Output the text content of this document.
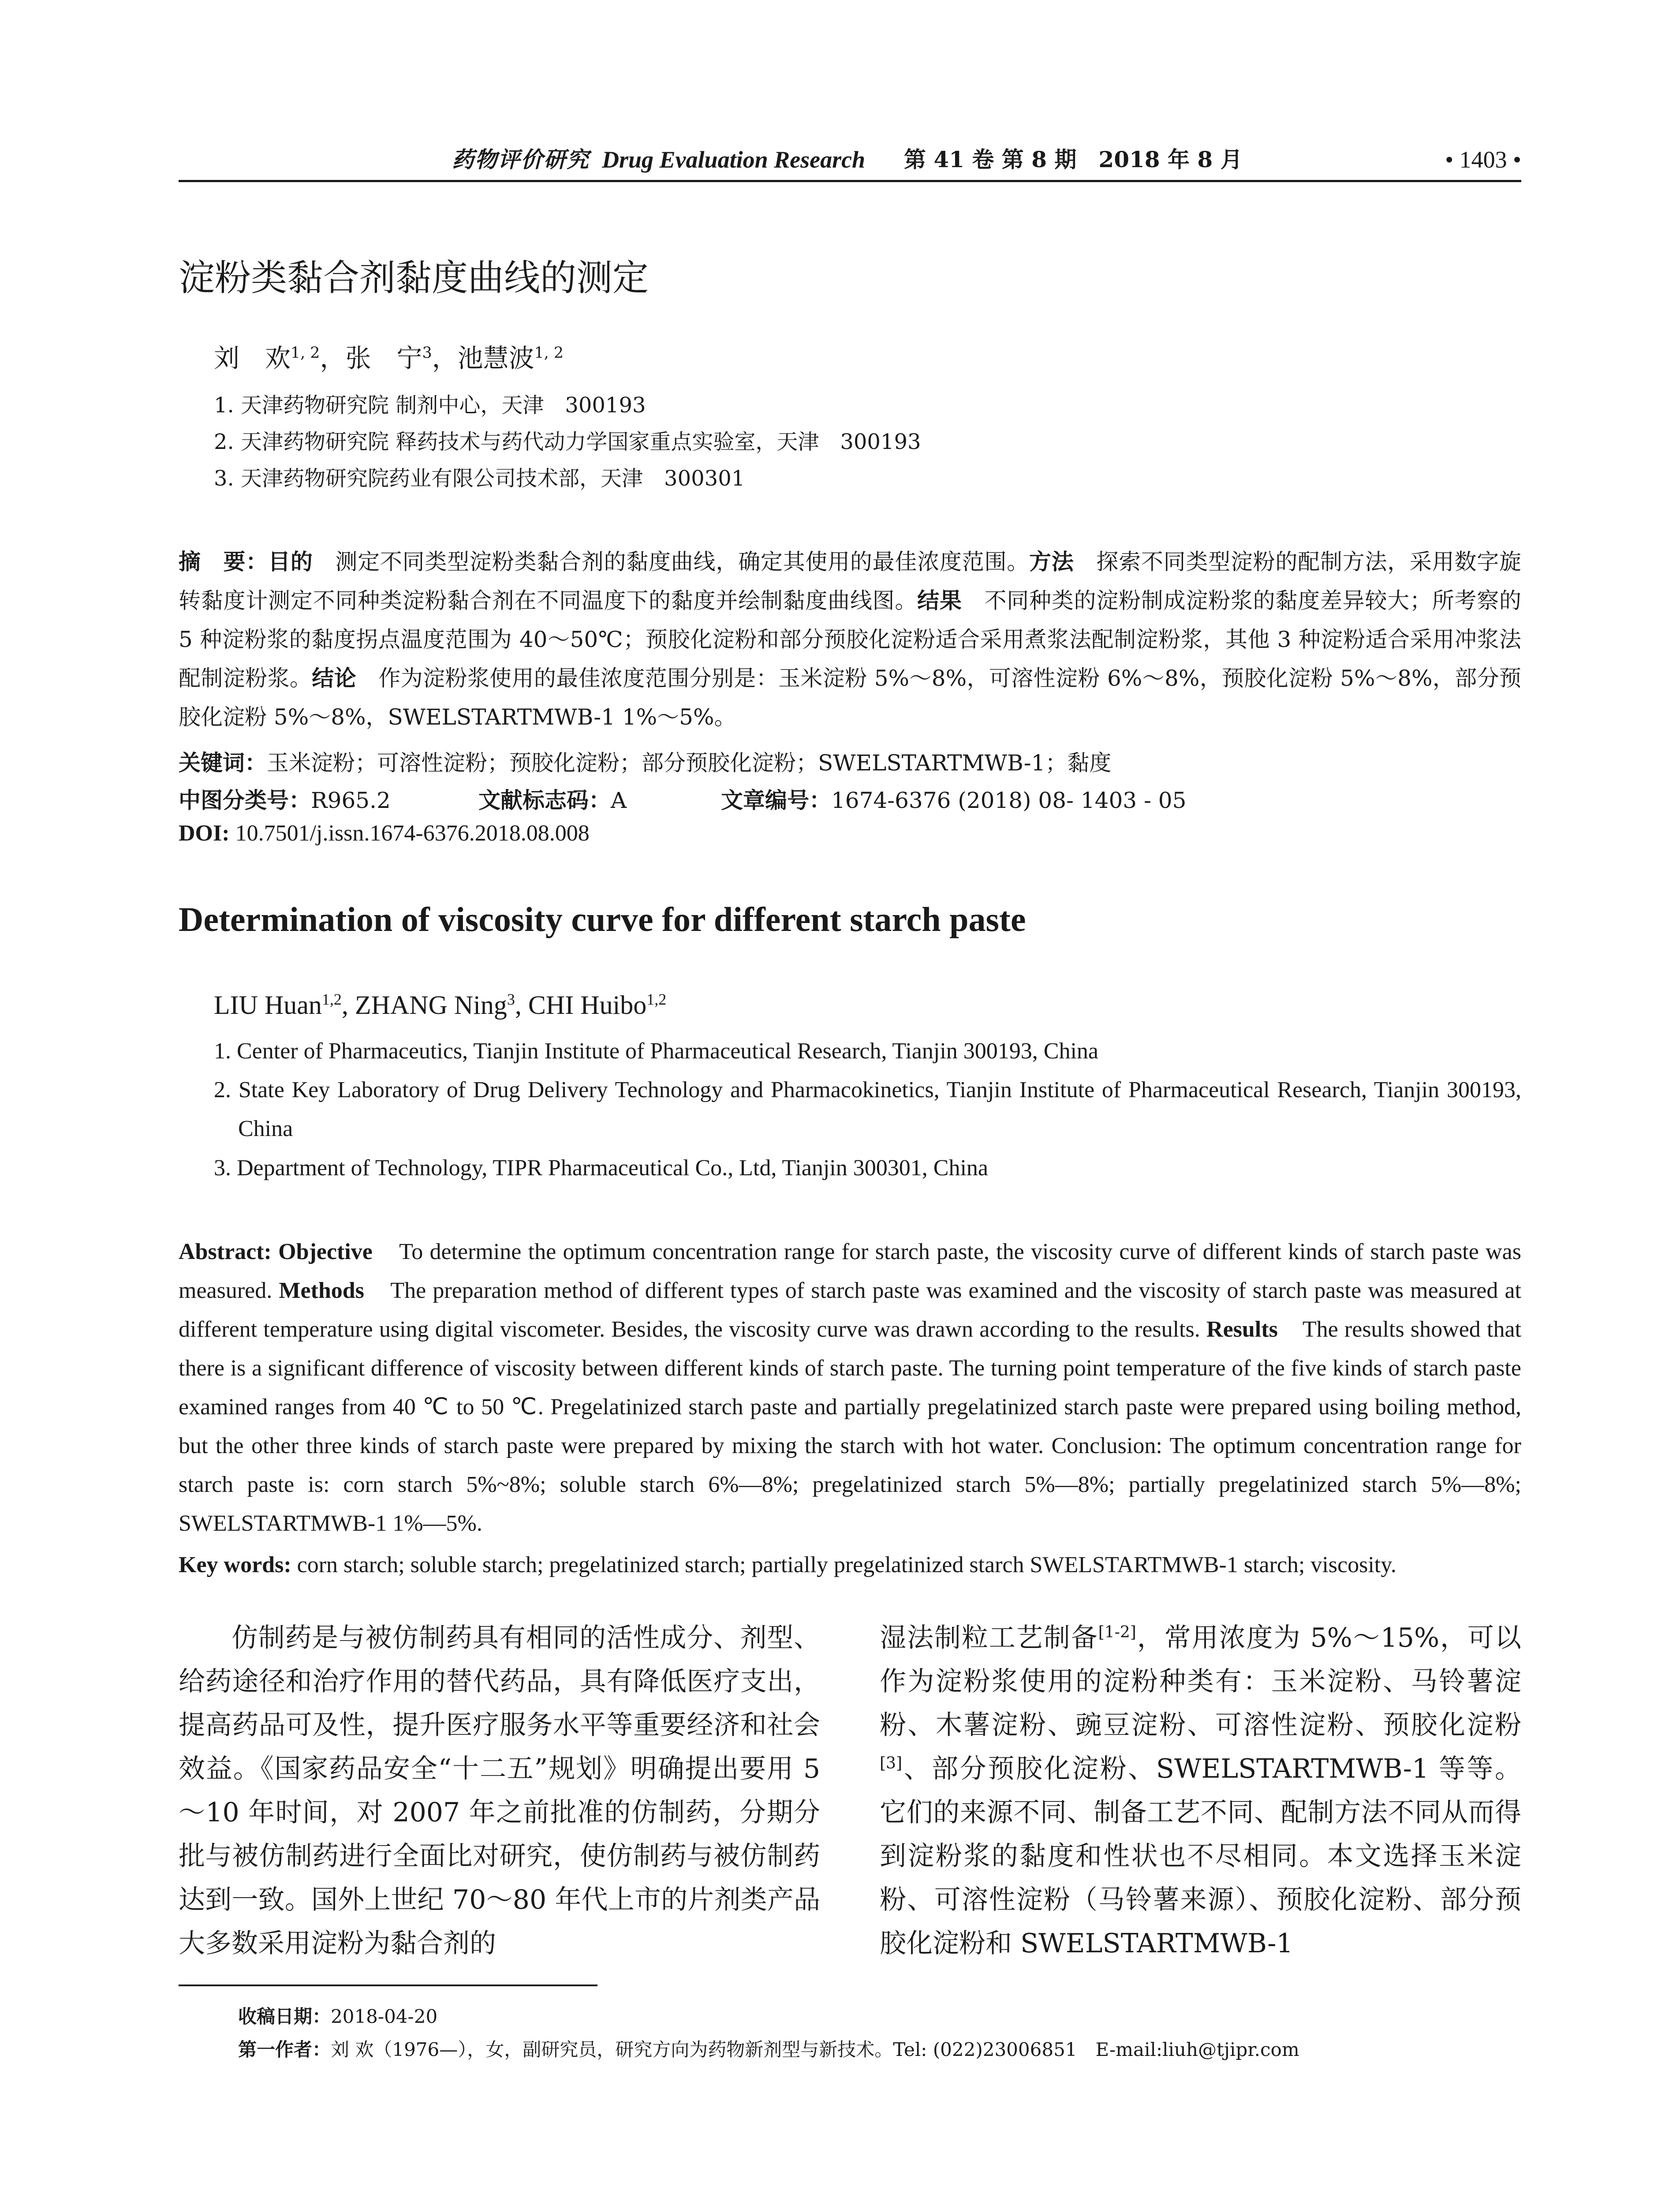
药物评价研究 Drug Evaluation Research 第 41 卷 第 8 期　2018 年 8 月	• 1403 •
淀粉类黏合剂黏度曲线的测定
刘　欢$^{1, 2}$，张　宁$^3$，池慧波$^{1, 2}$
1. 天津药物研究院 制剂中心，天津　300193
2. 天津药物研究院 释药技术与药代动力学国家重点实验室，天津　300193
3. 天津药物研究院药业有限公司技术部，天津　300301
摘　要：目的　 测定不同类型淀粉类黏合剂的黏度曲线，确定其使用的最佳浓度范围。方法　 探索不同类型淀粉的配制方法，采用数字旋转黏度计测定不同种类淀粉黏合剂在不同温度下的黏度并绘制黏度曲线图。结果　 不同种类的淀粉制成淀粉浆的黏度差异较大；所考察的 5 种淀粉浆的黏度拐点温度范围为 40～50℃；预胶化淀粉和部分预胶化淀粉适合采用煮浆法配制淀粉浆，其他 3 种淀粉适合采用冲浆法配制淀粉浆。结论　 作为淀粉浆使用的最佳浓度范围分别是：玉米淀粉 5%～8%，可溶性淀粉 6%～8%，预胶化淀粉 5%～8%，部分预胶化淀粉 5%～8%，SWELSTARTMWB-1 1%～5%。
关键词：玉米淀粉；可溶性淀粉；预胶化淀粉；部分预胶化淀粉；SWELSTARTMWB-1；黏度
中图分类号：R965.2	文献标志码：A	文章编号：1674-6376 (2018) 08- 1403 - 05
DOI: 10.7501/j.issn.1674-6376.2018.08.008
Determination of viscosity curve for different starch paste
LIU Huan$^{1,2}$, ZHANG Ning$^3$, CHI Huibo$^{1,2}$
1. Center of Pharmaceutics, Tianjin Institute of Pharmaceutical Research, Tianjin 300193, China
2. State Key Laboratory of Drug Delivery Technology and Pharmacokinetics, Tianjin Institute of Pharmaceutical Research, Tianjin 300193, China
3. Department of Technology, TIPR Pharmaceutical Co., Ltd, Tianjin 300301, China
Abstract: Objective To determine the optimum concentration range for starch paste, the viscosity curve of different kinds of starch paste was measured. Methods The preparation method of different types of starch paste was examined and the viscosity of starch paste was measured at different temperature using digital viscometer. Besides, the viscosity curve was drawn according to the results. Results The results showed that there is a significant difference of viscosity between different kinds of starch paste. The turning point temperature of the five kinds of starch paste examined ranges from 40 ℃ to 50 ℃. Pregelatinized starch paste and partially pregelatinized starch paste were prepared using boiling method, but the other three kinds of starch paste were prepared by mixing the starch with hot water. Conclusion: The optimum concentration range for starch paste is: corn starch 5%~8%; soluble starch 6%—8%; pregelatinized starch 5%—8%; partially pregelatinized starch 5%—8%; SWELSTARTMWB-1 1%—5%.
Key words: corn starch; soluble starch; pregelatinized starch; partially pregelatinized starch SWELSTARTMWB-1 starch; viscosity.

仿制药是与被仿制药具有相同的活性成分、剂型、给药途径和治疗作用的替代药品，具有降低医疗支出，提高药品可及性，提升医疗服务水平等重要经济和社会效益。《国家药品安全“十二五”规划》明确提出要用 5～10 年时间，对 2007 年之前批准的仿制药，分期分批与被仿制药进行全面比对研究，使仿制药与被仿制药达到一致。国外上世纪 70～80 年代上市的片剂类产品大多数采用淀粉为黏合剂的

湿法制粒工艺制备[1-2]，常用浓度为 5%～15%，可以作为淀粉浆使用的淀粉种类有：玉米淀粉、马铃薯淀粉、木薯淀粉、豌豆淀粉、可溶性淀粉、预胶化淀粉[3]、部分预胶化淀粉、SWELSTARTMWB-1 等等。它们的来源不同、制备工艺不同、配制方法不同从而得到淀粉浆的黏度和性状也不尽相同。本文选择玉米淀粉、可溶性淀粉（马铃薯来源）、预胶化淀粉、部分预胶化淀粉和 SWELSTARTMWB-1

收稿日期：2018-04-20
第一作者：刘 欢（1976—），女，副研究员，研究方向为药物新剂型与新技术。Tel: (022)23006851　E-mail:liuh@tjipr.com
